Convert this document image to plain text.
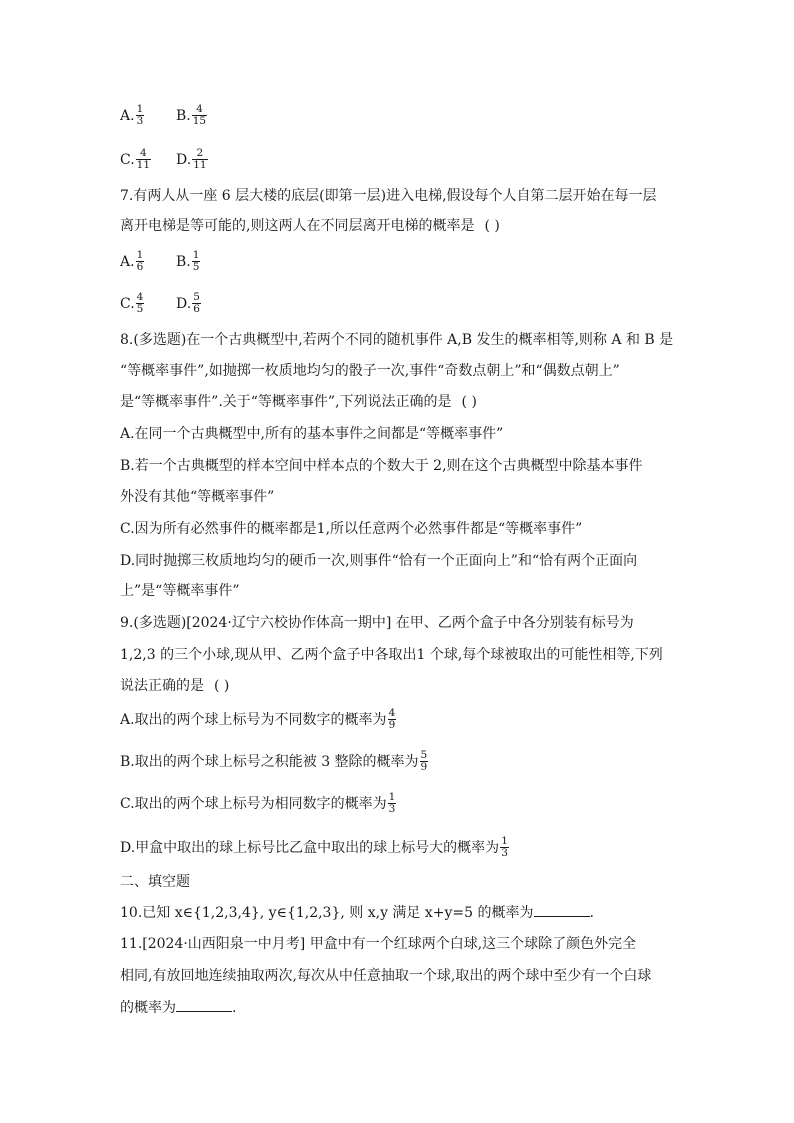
A. $\frac{1}{3} B$. $\frac{4}{15}$
C. $\frac{4}{11} D$. $\frac{2}{11}$
7.有两人从一座 6 层大楼的底层(即第一层)进入电梯,假设每个人自第二层开始在每一层
离开电梯是等可能的,则这两人在不同层离开电梯的概率是 ( )
A. $\frac{1}{6} B$. $\frac{1}{5}$
C. $\frac{4}{5} D$. $\frac{5}{6}$
8.(多选题)在一个古典概型中,若两个不同的随机事件 A,B 发生的概率相等,则称 A 和 B 是
“等概率事件”,如抛掷一枚质地均匀的骰子一次,事件“奇数点朝上”和“偶数点朝上”
是“等概率事件”.关于“等概率事件”,下列说法正确的是 ( )
A.在同一个古典概型中,所有的基本事件之间都是“等概率事件”
B.若一个古典概型的样本空间中样本点的个数大于 2,则在这个古典概型中除基本事件
外没有其他“等概率事件”
C.因为所有必然事件的概率都是1,所以任意两个必然事件都是“等概率事件”
D.同时抛掷三枚质地均匀的硬币一次,则事件“恰有一个正面向上”和“恰有两个正面向
上”是“等概率事件”
9.(多选题)[2024·辽宁六校协作体高一期中] 在甲、乙两个盒子中各分别装有标号为
1,2,3 的三个小球,现从甲、乙两个盒子中各取出1 个球,每个球被取出的可能性相等,下列
说法正确的是 ( )
A.取出的两个球上标号为不同数字的概率为 $\frac{4}{9}$
B.取出的两个球上标号之积能被 3 整除的概率为 $\frac{5}{9}$
C.取出的两个球上标号为相同数字的概率为 $\frac{1}{3}$
D.甲盒中取出的球上标号比乙盒中取出的球上标号大的概率为 $\frac{1}{3}$
二、填空题
10.已知 x∈{1,2,3,4}, y∈{1,2,3}, 则 x,y 满足 x+y=5 的概率为	.
11.[2024·山西阳泉一中月考] 甲盒中有一个红球两个白球,这三个球除了颜色外完全
相同,有放回地连续抽取两次,每次从中任意抽取一个球,取出的两个球中至少有一个白球
的概率为	.
